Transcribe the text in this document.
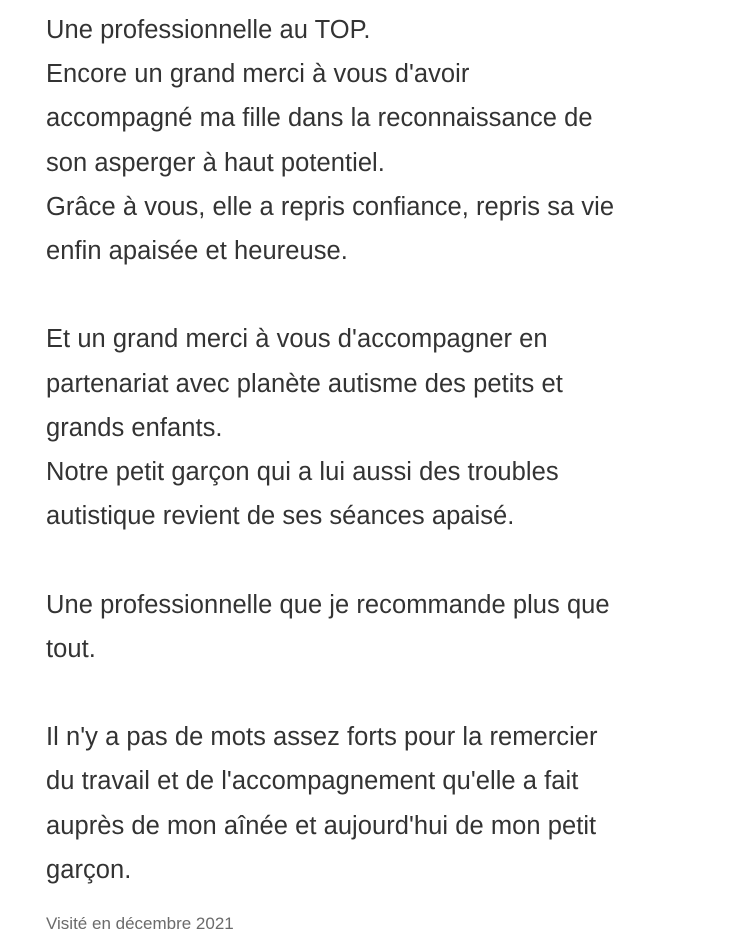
Une professionnelle au TOP.
Encore un grand merci à vous d'avoir
accompagné ma fille dans la reconnaissance de
son asperger à haut potentiel.
Grâce à vous, elle a repris confiance, repris sa vie
enfin apaisée et heureuse.
Et un grand merci à vous d'accompagner en
partenariat avec planète autisme des petits et
grands enfants.
Notre petit garçon qui a lui aussi des troubles
autistique revient de ses séances apaisé.
Une professionnelle que je recommande plus que
tout.
Il n'y a pas de mots assez forts pour la remercier
du travail et de l'accompagnement qu'elle a fait
auprès de mon aînée et aujourd'hui de mon petit
garçon.
Visité en décembre 2021
